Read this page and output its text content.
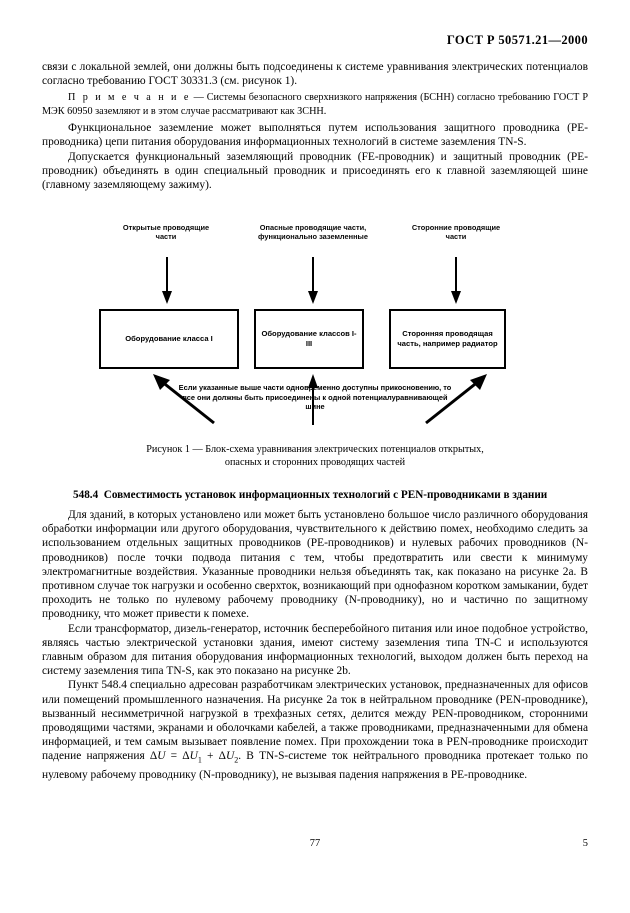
ГОСТ Р 50571.21—2000

связи с локальной землей, они должны быть подсоединены к системе уравнивания электрических потенциалов согласно требованию ГОСТ 30331.3 (см. рисунок 1).

П р и м е ч а н и е — Системы безопасного сверхнизкого напряжения (БСНН) согласно требованию ГОСТ Р МЭК 60950 заземляют и в этом случае рассматривают как ЗСНН.

Функциональное заземление может выполняться путем использования защитного проводника (РЕ-проводника) цепи питания оборудования информационных технологий в системе заземления TN-S.

Допускается функциональный заземляющий проводник (FЕ-проводник) и защитный проводник (РЕ-проводник) объединять в один специальный проводник и присоединять его к главной заземляющей шине (главному заземляющему зажиму).

Открытые проводящие части
Опасные проводящие части, функционально заземленные
Сторонние проводящие части
Оборудование класса I
Оборудование классов I-III
Сторонняя проводящая часть, например радиатор
Если указанные выше части одновременно доступны прикосновению, то все они должны быть присоединены к одной потенциалуравнивающей шине
Рисунок 1 — Блок-схема уравнивания электрических потенциалов открытых,
опасных и сторонних проводящих частей
548.4 Совместимость установок информационных технологий с PEN-проводниками в здании

Для зданий, в которых установлено или может быть установлено большое число различного оборудования обработки информации или другого оборудования, чувствительного к действию помех, необходимо следить за использованием отдельных защитных проводников (РЕ-проводников) и нулевых рабочих проводников (N-проводников) после точки подвода питания с тем, чтобы предотвратить или свести к минимуму электромагнитные воздействия. Указанные проводники нельзя объединять так, как показано на рисунке 2a. В противном случае ток нагрузки и особенно сверхток, возникающий при однофазном коротком замыкании, будет проходить не только по нулевому рабочему проводнику (N-проводнику), но и частично по защитному проводнику, что может привести к помехе.

Если трансформатор, дизель-генератор, источник бесперебойного питания или иное подобное устройство, являясь частью электрической установки здания, имеют систему заземления типа TN-C и используются главным образом для питания оборудования информационных технологий, выходом должен быть переход на систему заземления типа TN-S, как это показано на рисунке 2b.

Пункт 548.4 специально адресован разработчикам электрических установок, предназначенных для офисов или помещений промышленного назначения. На рисунке 2a ток в нейтральном проводнике (PEN-проводнике), вызванный несимметричной нагрузкой в трехфазных сетях, делится между PEN-проводником, сторонними проводящими частями, экранами и оболочками кабелей, а также проводниками, предназначенными для обмена информацией, и тем самым вызывает появление помех. При прохождении тока в PEN-проводнике происходит падение напряжения $\Delta U = \Delta U_1 + \Delta U_2$. В TN-S-системе ток нейтрального проводника протекает только по нулевому рабочему проводнику (N-проводнику), не вызывая падения напряжения в РЕ-проводнике.

77	5
